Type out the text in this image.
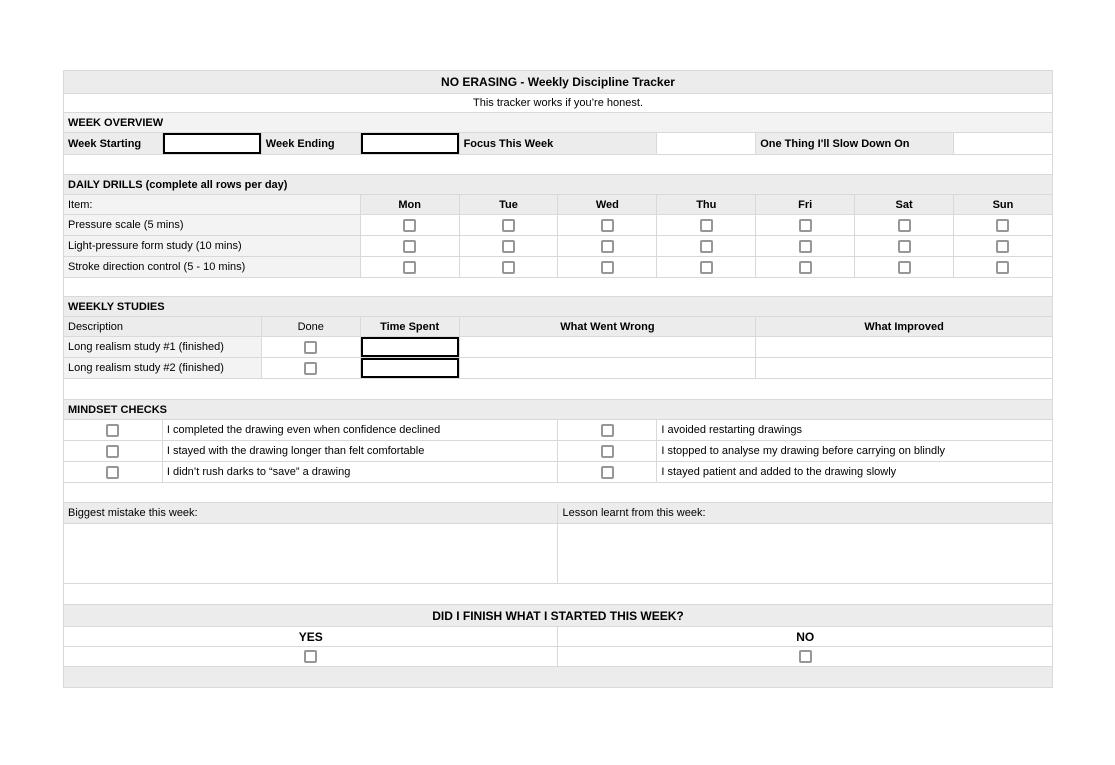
NO ERASING - Weekly Discipline Tracker									
This tracker works if you’re honest.									
WEEK OVERVIEW									
Week Starting		Week Ending		Focus This Week			One Thing I'll Slow Down On		

DAILY DRILLS (complete all rows per day)									
Item:			Mon	Tue	Wed	Thu	Fri	Sat	Sun
Pressure scale (5 mins)									
Light-pressure form study (10 mins)									
Stroke direction control (5 - 10 mins)									

WEEKLY STUDIES									
Description		Done	Time Spent	What Went Wrong			What Improved		
Long realism study #1 (finished)									
Long realism study #2 (finished)									

MINDSET CHECKS									
	I completed the drawing even when confidence declined					I avoided restarting drawings			
	I stayed with the drawing longer than felt comfortable					I stopped to analyse my drawing before carrying on blindly			
	I didn’t rush darks to “save” a drawing					I stayed patient and added to the drawing slowly			

Biggest mistake this week:					Lesson learnt from this week:				

DID I FINISH WHAT I STARTED THIS WEEK?									
YES					NO				
